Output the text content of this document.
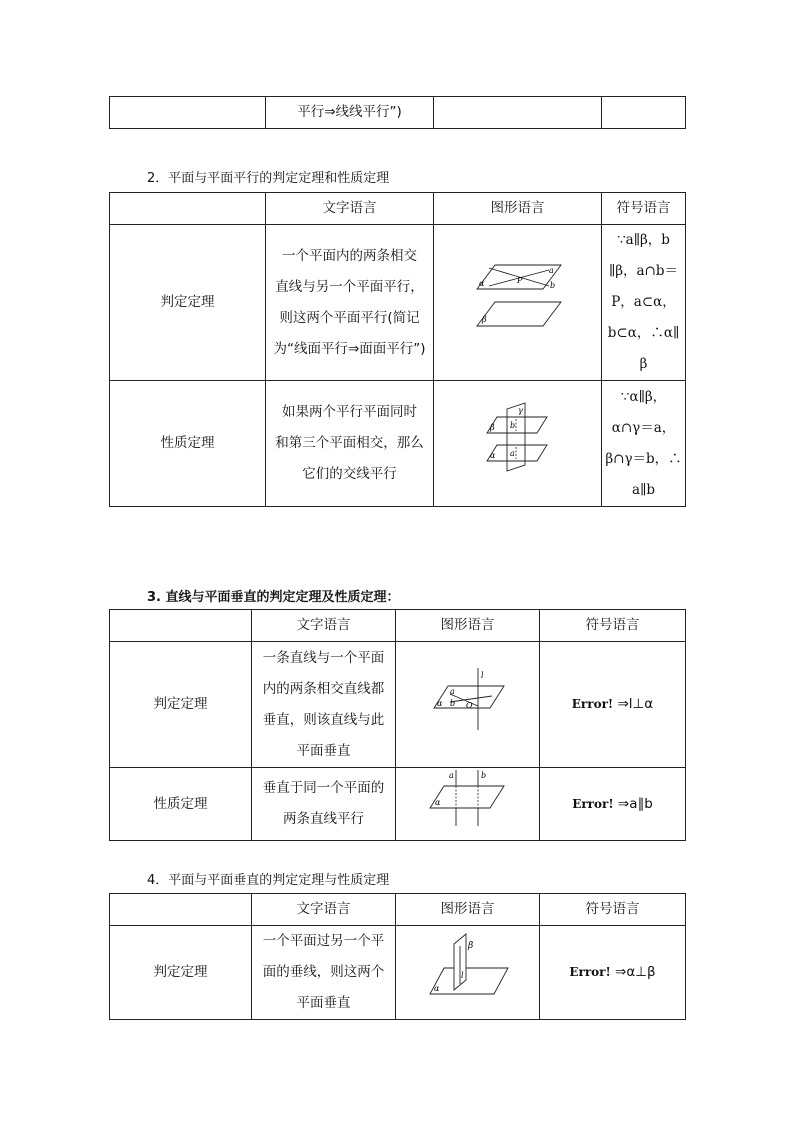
	平行⇒线线平行”)		
2．平面与平面平行的判定定理和性质定理
	文字语言	图形语言	符号语言
判定定理	一个平面内的两条相交
直线与另一个平面平行，
则这两个平面平行(简记
为“线面平行⇒面面平行”)	α
a
P
b
β	∵a∥β，b
∥β，a∩b＝
P，a⊂α，
b⊂α，∴α∥
β

性质定理	如果两个平行平面同时
和第三个平面相交，那么
它们的交线平行	β b
γ
α a	∵α∥β，
α∩γ＝a，
β∩γ＝b，∴
a∥b
3. 直线与平面垂直的判定定理及性质定理：
	文字语言	图形语言	符号语言
判定定理	一条直线与一个平面
内的两条相交直线都
垂直，则该直线与此
平面垂直	l
a
α b O	Error! ⇒l⊥α
性质定理	垂直于同一个平面的
两条直线平行	a b
α	Error! ⇒a∥b
4．平面与平面垂直的判定定理与性质定理
	文字语言	图形语言	符号语言
判定定理	一个平面过另一个平
面的垂线，则这两个
平面垂直	β
l
α	Error! ⇒α⊥β
